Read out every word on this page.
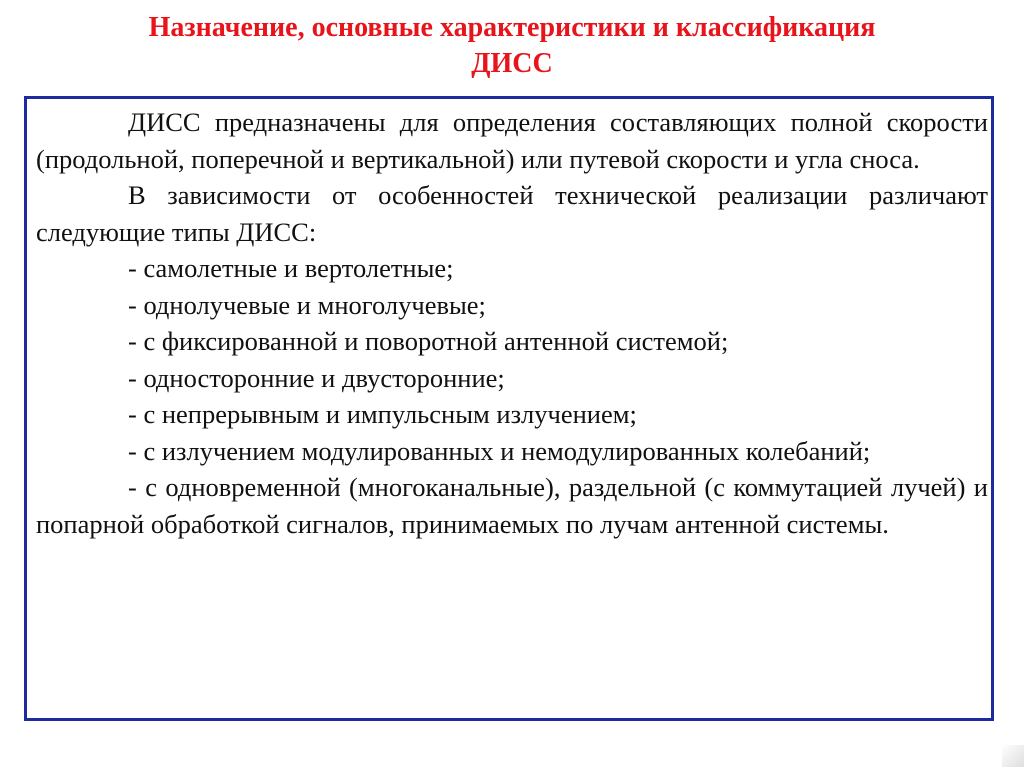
Назначение, основные характеристики и классификация
ДИСС

ДИСС предназначены для определения составляющих полной скорости (продольной, поперечной и вертикальной) или путевой скорости и угла сноса.

В зависимости от особенностей технической реализации различают следующие типы ДИСС:

- самолетные и вертолетные;

- однолучевые и многолучевые;

- с фиксированной и поворотной антенной системой;

- односторонние и двусторонние;

- с непрерывным и импульсным излучением;

- с излучением модулированных и немодулированных колебаний;

- с одновременной (многоканальные), раздельной (с коммутацией лучей) и попарной обработкой сигналов, принимаемых по лучам антенной системы.
